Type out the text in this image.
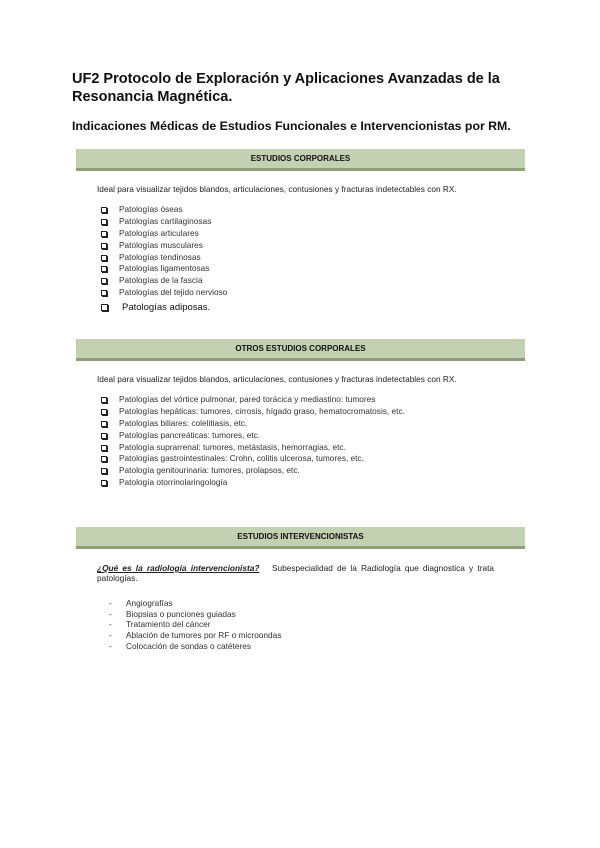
UF2 Protocolo de Exploración y Aplicaciones Avanzadas de la Resonancia Magnética.
Indicaciones Médicas de Estudios Funcionales e Intervencionistas por RM.
ESTUDIOS CORPORALES
Ideal para visualizar tejidos blandos, articulaciones, contusiones y fracturas indetectables con RX.
Patologías óseas
Patologías cartilaginosas
Patologías articulares
Patologías musculares
Patologías tendinosas
Patologías ligamentosas
Patologías de la fascia
Patologías del tejido nervioso
Patologías adiposas.
OTROS ESTUDIOS CORPORALES
Ideal para visualizar tejidos blandos, articulaciones, contusiones y fracturas indetectables con RX.
Patologías del vórtice pulmonar, pared torácica y mediastino: tumores
Patologías hepáticas: tumores, cirrosis, hígado graso, hematocromatosis, etc.
Patologías biliares: colelitiasis, etc.
Patologías pancreáticas: tumores, etc.
Patología suprarrenal: tumores, metástasis, hemorragias, etc.
Patologías gastrointestinales: Crohn, colitis ulcerosa, tumores, etc.
Patología genitourinaria: tumores, prolapsos, etc.
Patología otorrinolaringología
ESTUDIOS INTERVENCIONISTAS
¿Qué es la radiología intervencionista? Subespecialidad de la Radiología que diagnostica y trata patologías.
- Angiografías
- Biopsias o punciones guiadas
- Tratamiento del cáncer
- Ablación de tumores por RF o microondas
- Colocación de sondas o catéteres
